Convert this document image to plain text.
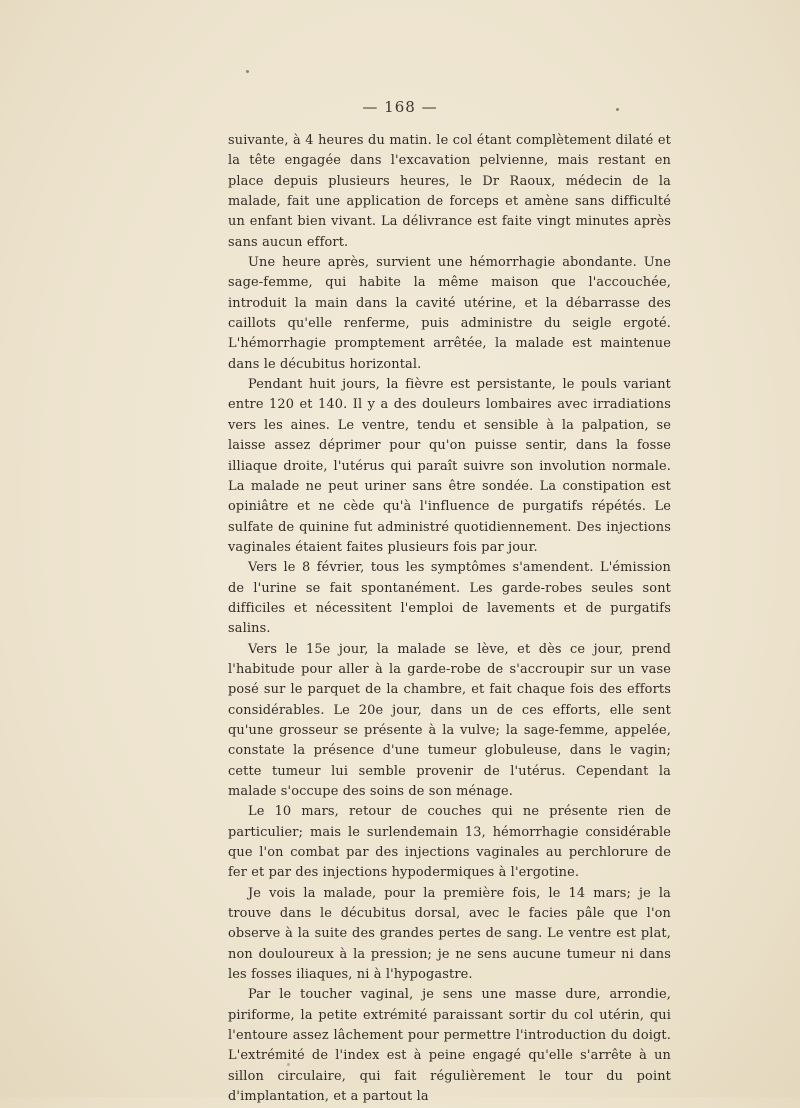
— 168 —

suivante, à 4 heures du matin. le col étant complètement dilaté et la tête engagée dans l'excavation pelvienne, mais restant en place depuis plusieurs heures, le Dr Raoux, médecin de la malade, fait une application de forceps et amène sans difficulté un enfant bien vivant. La délivrance est faite vingt minutes après sans aucun effort.

Une heure après, survient une hémorrhagie abondante. Une sage-femme, qui habite la même maison que l'accouchée, introduit la main dans la cavité utérine, et la débarrasse des caillots qu'elle renferme, puis administre du seigle ergoté. L'hémorrhagie promptement arrêtée, la malade est maintenue dans le décubitus horizontal.

Pendant huit jours, la fièvre est persistante, le pouls variant entre 120 et 140. Il y a des douleurs lombaires avec irradiations vers les aines. Le ventre, tendu et sensible à la palpation, se laisse assez déprimer pour qu'on puisse sentir, dans la fosse illiaque droite, l'utérus qui paraît suivre son involution normale. La malade ne peut uriner sans être sondée. La constipation est opiniâtre et ne cède qu'à l'influence de purgatifs répétés. Le sulfate de quinine fut administré quotidiennement. Des injections vaginales étaient faites plusieurs fois par jour.

Vers le 8 février, tous les symptômes s'amendent. L'émission de l'urine se fait spontanément. Les garde-robes seules sont difficiles et nécessitent l'emploi de lavements et de purgatifs salins.

Vers le 15e jour, la malade se lève, et dès ce jour, prend l'habitude pour aller à la garde-robe de s'accroupir sur un vase posé sur le parquet de la chambre, et fait chaque fois des efforts considérables. Le 20e jour, dans un de ces efforts, elle sent qu'une grosseur se présente à la vulve; la sage-femme, appelée, constate la présence d'une tumeur globuleuse, dans le vagin; cette tumeur lui semble provenir de l'utérus. Cependant la malade s'occupe des soins de son ménage.

Le 10 mars, retour de couches qui ne présente rien de particulier; mais le surlendemain 13, hémorrhagie considérable que l'on combat par des injections vaginales au perchlorure de fer et par des injections hypodermiques à l'ergotine.

Je vois la malade, pour la première fois, le 14 mars; je la trouve dans le décubitus dorsal, avec le facies pâle que l'on observe à la suite des grandes pertes de sang. Le ventre est plat, non douloureux à la pression; je ne sens aucune tumeur ni dans les fosses iliaques, ni à l'hypogastre.

Par le toucher vaginal, je sens une masse dure, arrondie, piriforme, la petite extrémité paraissant sortir du col utérin, qui l'entoure assez lâchement pour permettre l'introduction du doigt. L'extrémité de l'index est à peine engagé qu'elle s'arrête à un sillon circulaire, qui fait régulièrement le tour du point d'implantation, et a partout la
